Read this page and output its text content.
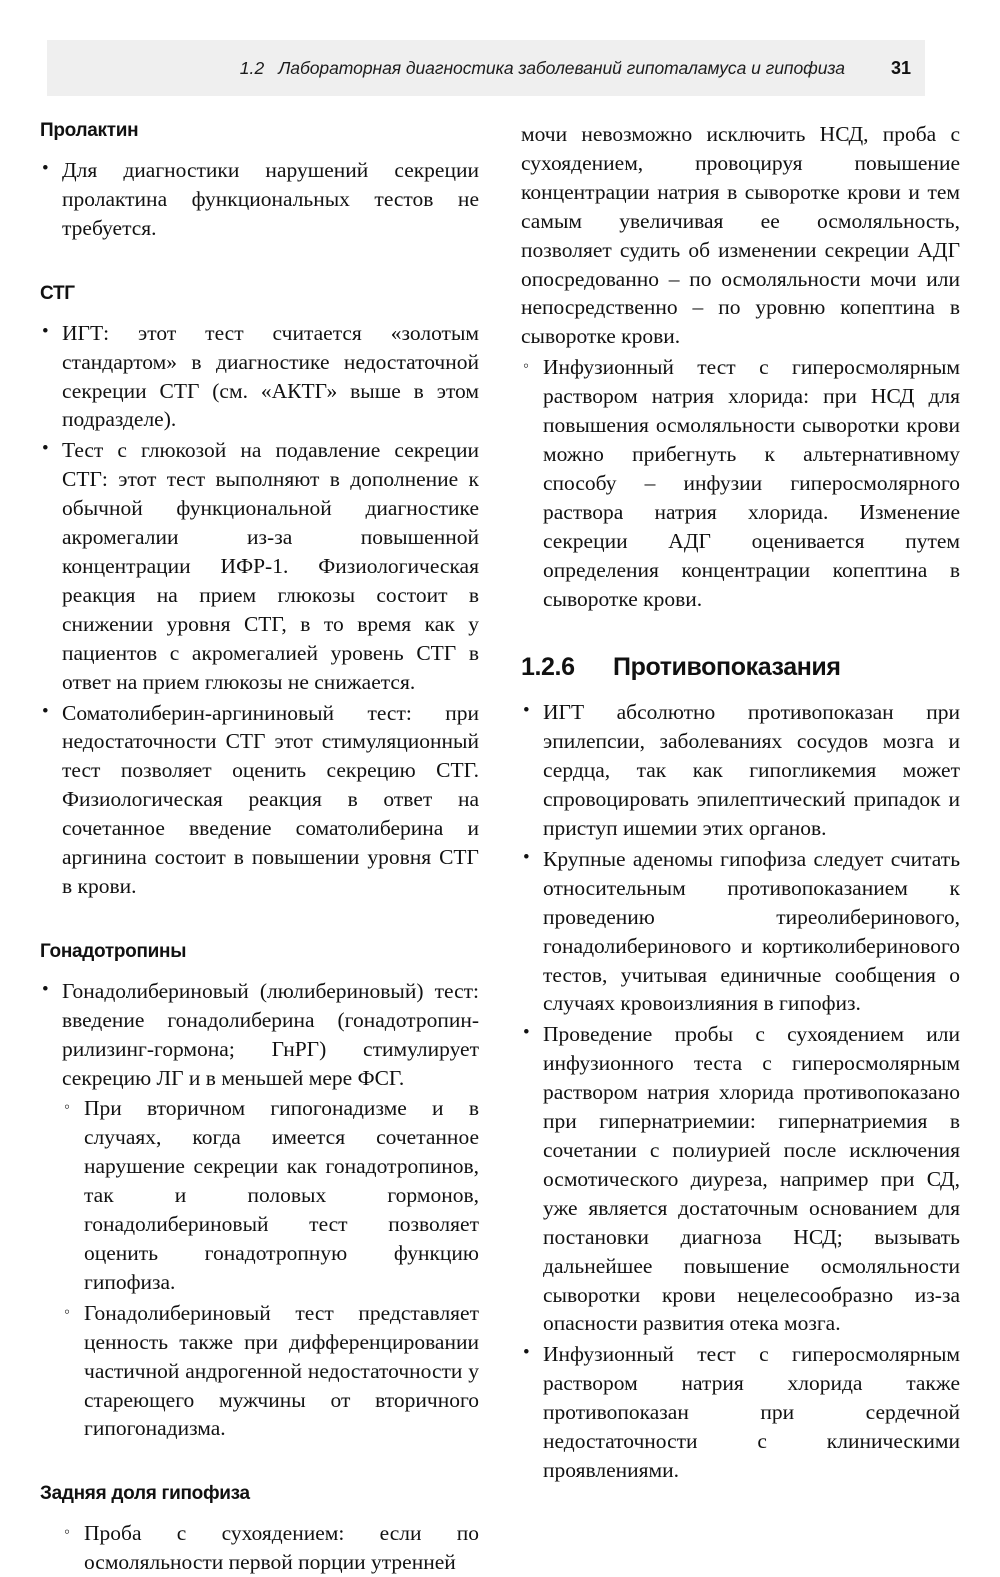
1.2 Лабораторная диагностика заболеваний гипоталамуса и гипофиза	31
Пролактин
• Для диагностики нарушений секреции пролактина функциональных тестов не требуется.
СТГ
• ИГТ: этот тест считается «золотым стандартом» в диагностике недостаточной секреции СТГ (см. «АКТГ» выше в этом подразделе).
• Тест с глюкозой на подавление секреции СТГ: этот тест выполняют в дополнение к обычной функциональной диагностике акромегалии из-за повышенной концентрации ИФР-1. Физиологическая реакция на прием глюкозы состоит в снижении уровня СТГ, в то время как у пациентов с акромегалией уровень СТГ в ответ на прием глюкозы не снижается.
• Соматолиберин-аргининовый тест: при недостаточности СТГ этот стимуляционный тест позволяет оценить секрецию СТГ. Физиологическая реакция в ответ на сочетанное введение соматолиберина и аргинина состоит в повышении уровня СТГ в крови.
Гонадотропины
• Гонадолибериновый (люлибериновый) тест: введение гонадолиберина (гонадотропин-рилизинг-гормона; ГнРГ) стимулирует секрецию ЛГ и в меньшей мере ФСГ.
◦ При вторичном гипогонадизме и в случаях, когда имеется сочетанное нарушение секреции как гонадотропинов, так и половых гормонов, гонадолибериновый тест позволяет оценить гонадотропную функцию гипофиза.
◦ Гонадолибериновый тест представляет ценность также при дифференцировании частичной андрогенной недостаточности у стареющего мужчины от вторичного гипогонадизма.
Задняя доля гипофиза
◦ Проба с сухоядением: если по осмоляльности первой порции утренней
мочи невозможно исключить НСД, проба с сухоядением, провоцируя повышение концентрации натрия в сыворотке крови и тем самым увеличивая ее осмоляльность, позволяет судить об изменении секреции АДГ опосредованно – по осмоляльности мочи или непосредственно – по уровню копептина в сыворотке крови.
◦ Инфузионный тест с гиперосмолярным раствором натрия хлорида: при НСД для повышения осмоляльности сыворотки крови можно прибегнуть к альтернативному способу – инфузии гиперосмолярного раствора натрия хлорида. Изменение секреции АДГ оценивается путем определения концентрации копептина в сыворотке крови.
1.2.6	Противопоказания
• ИГТ абсолютно противопоказан при эпилепсии, заболеваниях сосудов мозга и сердца, так как гипогликемия может спровоцировать эпилептический припадок и приступ ишемии этих органов.
• Крупные аденомы гипофиза следует считать относительным противопоказанием к проведению тиреолиберинового, гонадолиберинового и кортиколиберинового тестов, учитывая единичные сообщения о случаях кровоизлияния в гипофиз.
• Проведение пробы с сухоядением или инфузионного теста с гиперосмолярным раствором натрия хлорида противопоказано при гипернатриемии: гипернатриемия в сочетании с полиурией после исключения осмотического диуреза, например при СД, уже является достаточным основанием для постановки диагноза НСД; вызывать дальнейшее повышение осмоляльности сыворотки крови нецелесообразно из-за опасности развития отека мозга.
• Инфузионный тест с гиперосмолярным раствором натрия хлорида также противопоказан при сердечной недостаточности с клиническими проявлениями.
